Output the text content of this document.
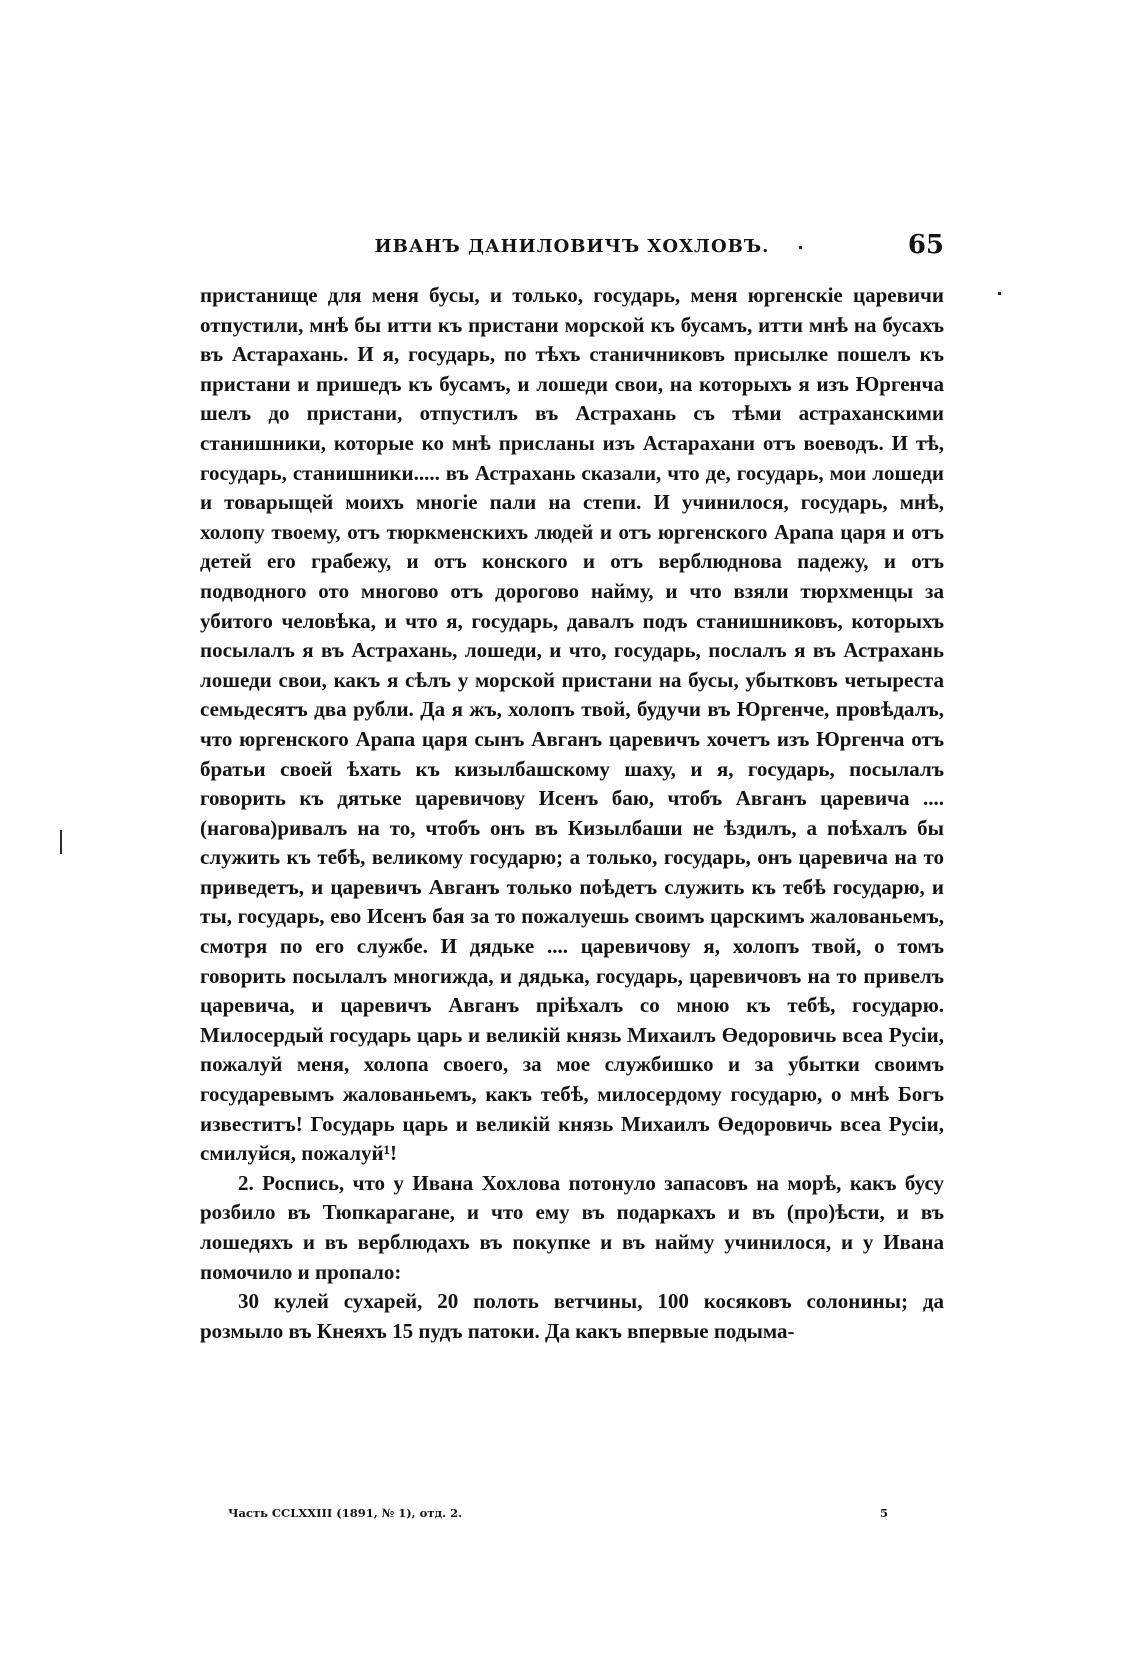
ИВАНЪ ДАНИЛОВИЧЪ ХОХЛОВЪ.	65

пристанище для меня бусы, и только, государь, меня юргенскіе царевичи отпустили, мнѣ бы итти къ пристани морской къ бусамъ, итти мнѣ на бусахъ въ Астарахань. И я, государь, по тѣхъ станичниковъ присылке пошелъ къ пристани и пришедъ къ бусамъ, и лошеди свои, на которыхъ я изъ Юргенча шелъ до пристани, отпустилъ въ Астрахань съ тѣми астраханскими станишники, которые ко мнѣ присланы изъ Астарахани отъ воеводъ. И тѣ, государь, станишники..... въ Астрахань сказали, что де, государь, мои лошеди и товарыщей моихъ многіе пали на степи. И учинилося, государь, мнѣ, холопу твоему, отъ тюркменскихъ людей и отъ юргенского Арапа царя и отъ детей его грабежу, и отъ конского и отъ верблюднова падежу, и отъ подводного ото многово отъ дорогово найму, и что взяли тюрхменцы за убитого человѣка, и что я, государь, давалъ подъ станишниковъ, которыхъ посылалъ я въ Астрахань, лошеди, и что, государь, послалъ я въ Астрахань лошеди свои, какъ я сѣлъ у морской пристани на бусы, убытковъ четыреста семьдесятъ два рубли. Да я жъ, холопъ твой, будучи въ Юргенче, провѣдалъ, что юргенского Арапа царя сынъ Авганъ царевичъ хочетъ изъ Юргенча отъ братьи своей ѣхать къ кизылбашскому шаху, и я, государь, посылалъ говорить къ дятьке царевичову Исенъ баю, чтобъ Авганъ царевича .... (нагова)ривалъ на то, чтобъ онъ въ Кизылбаши не ѣздилъ, а поѣхалъ бы служить къ тебѣ, великому государю; а только, государь, онъ царевича на то приведетъ, и царевичъ Авганъ только поѣдетъ служить къ тебѣ государю, и ты, государь, ево Исенъ бая за то пожалуешь своимъ царскимъ жалованьемъ, смотря по его службе. И дядьке .... царевичову я, холопъ твой, о томъ говорить посылалъ многижда, и дядька, государь, царевичовъ на то привелъ царевича, и царевичъ Авганъ пріѣхалъ со мною къ тебѣ, государю. Милосердый государь царь и великій князь Михаилъ Өедоровичь всеа Русіи, пожалуй меня, холопа своего, за мое службишко и за убытки своимъ государевымъ жалованьемъ, какъ тебѣ, милосердому государю, о мнѣ Богъ известитъ! Государь царь и великій князь Михаилъ Өедоровичь всеа Русіи, смилуйся, пожалуй¹!

2. Роспись, что у Ивана Хохлова потонуло запасовъ на морѣ, какъ бусу розбило въ Тюпкарагане, и что ему въ подаркахъ и въ (про)ѣсти, и въ лошедяхъ и въ верблюдахъ въ покупке и въ найму учинилося, и у Ивана помочило и пропало:

30 кулей сухарей, 20 полоть ветчины, 100 косяковъ солонины; да розмыло въ Кнеяхъ 15 пудъ патоки. Да какъ впервые подыма-

Часть CCLXXIII (1891, № 1), отд. 2.	5
